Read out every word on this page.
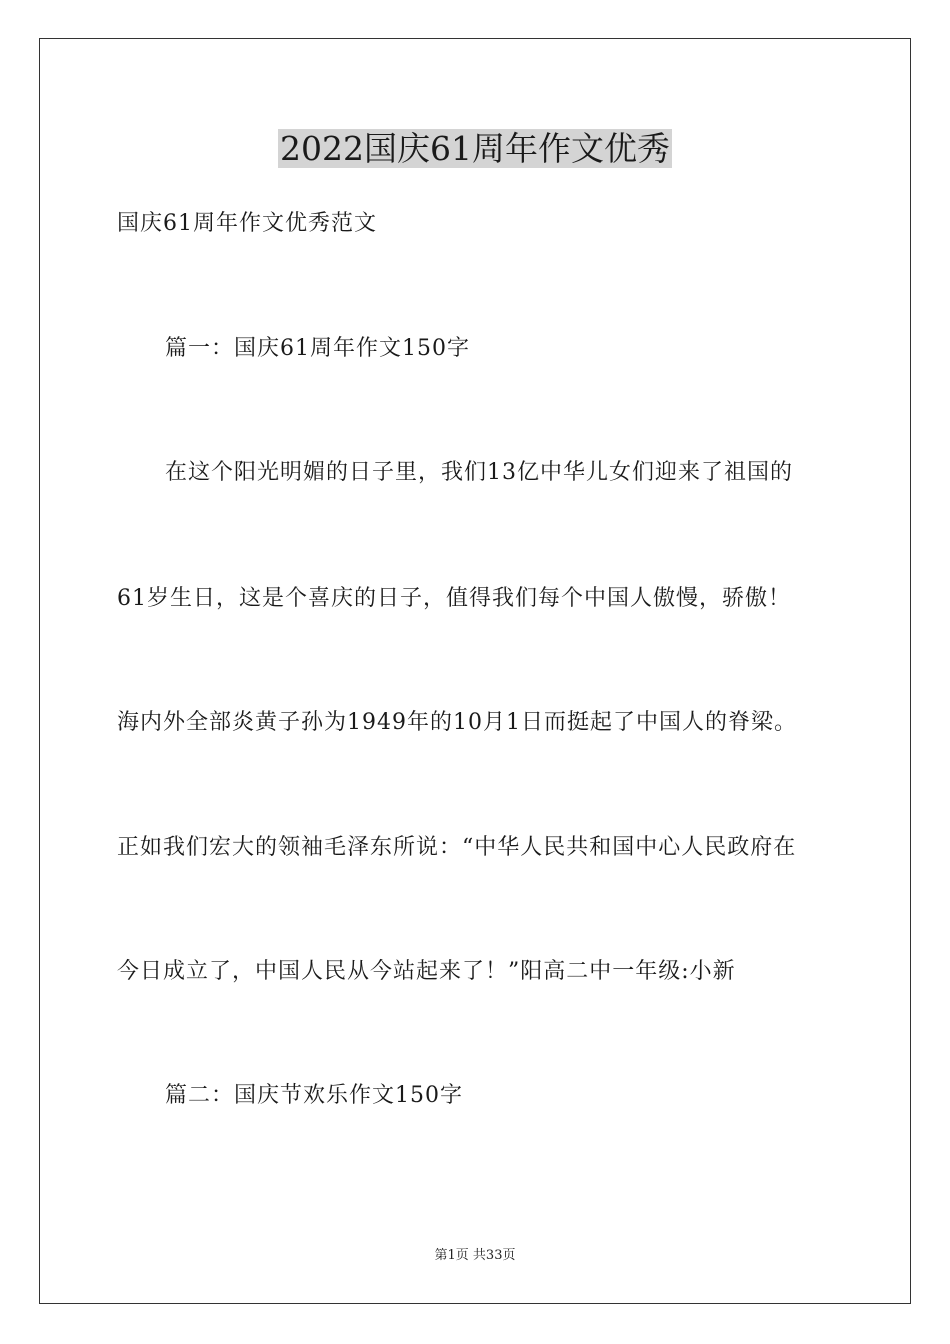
2022国庆61周年作文优秀
国庆61周年作文优秀范文
篇一：国庆61周年作文150字
在这个阳光明媚的日子里，我们13亿中华儿女们迎来了祖国的
61岁生日，这是个喜庆的日子，值得我们每个中国人傲慢，骄傲！
海内外全部炎黄子孙为1949年的10月1日而挺起了中国人的脊梁。
正如我们宏大的领袖毛泽东所说：“中华人民共和国中心人民政府在
今日成立了，中国人民从今站起来了！”阳高二中一年级:小新
篇二：国庆节欢乐作文150字
第1页 共33页
